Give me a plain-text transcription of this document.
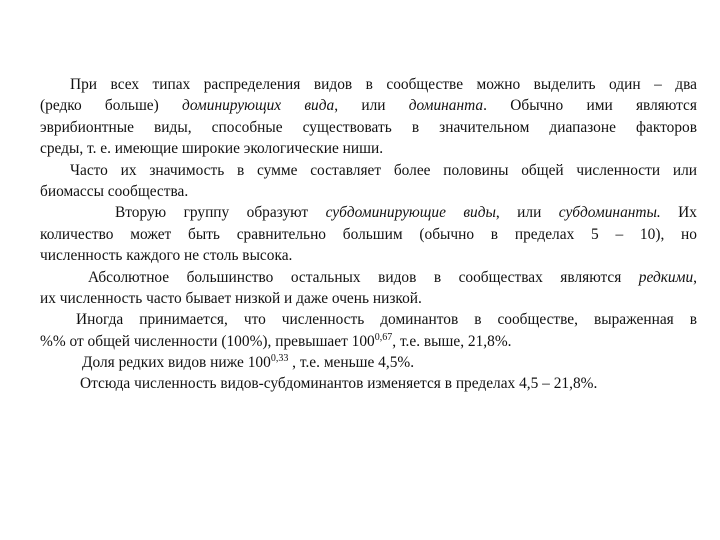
При всех типах распределения видов в сообществе можно выделить один – два
(редко больше) доминирующих вида, или доминанта. Обычно ими являются
эврибионтные виды, способные существовать в значительном диапазоне факторов
среды, т. е. имеющие широкие экологические ниши.
Часто их значимость в сумме составляет более половины общей численности или
биомассы сообщества.
Вторую группу образуют субдоминирующие виды, или субдоминанты. Их
количество может быть сравнительно большим (обычно в пределах 5 – 10), но
численность каждого не столь высока.
Абсолютное большинство остальных видов в сообществах являются редкими,
их численность часто бывает низкой и даже очень низкой.
Иногда принимается, что численность доминантов в сообществе, выраженная в
%% от общей численности (100%), превышает 100$^{0,67}$, т.е. выше, 21,8%.
Доля редких видов ниже 100$^{0,33}$ , т.е. меньше 4,5%.
Отсюда численность видов-субдоминантов изменяется в пределах 4,5 – 21,8%.
